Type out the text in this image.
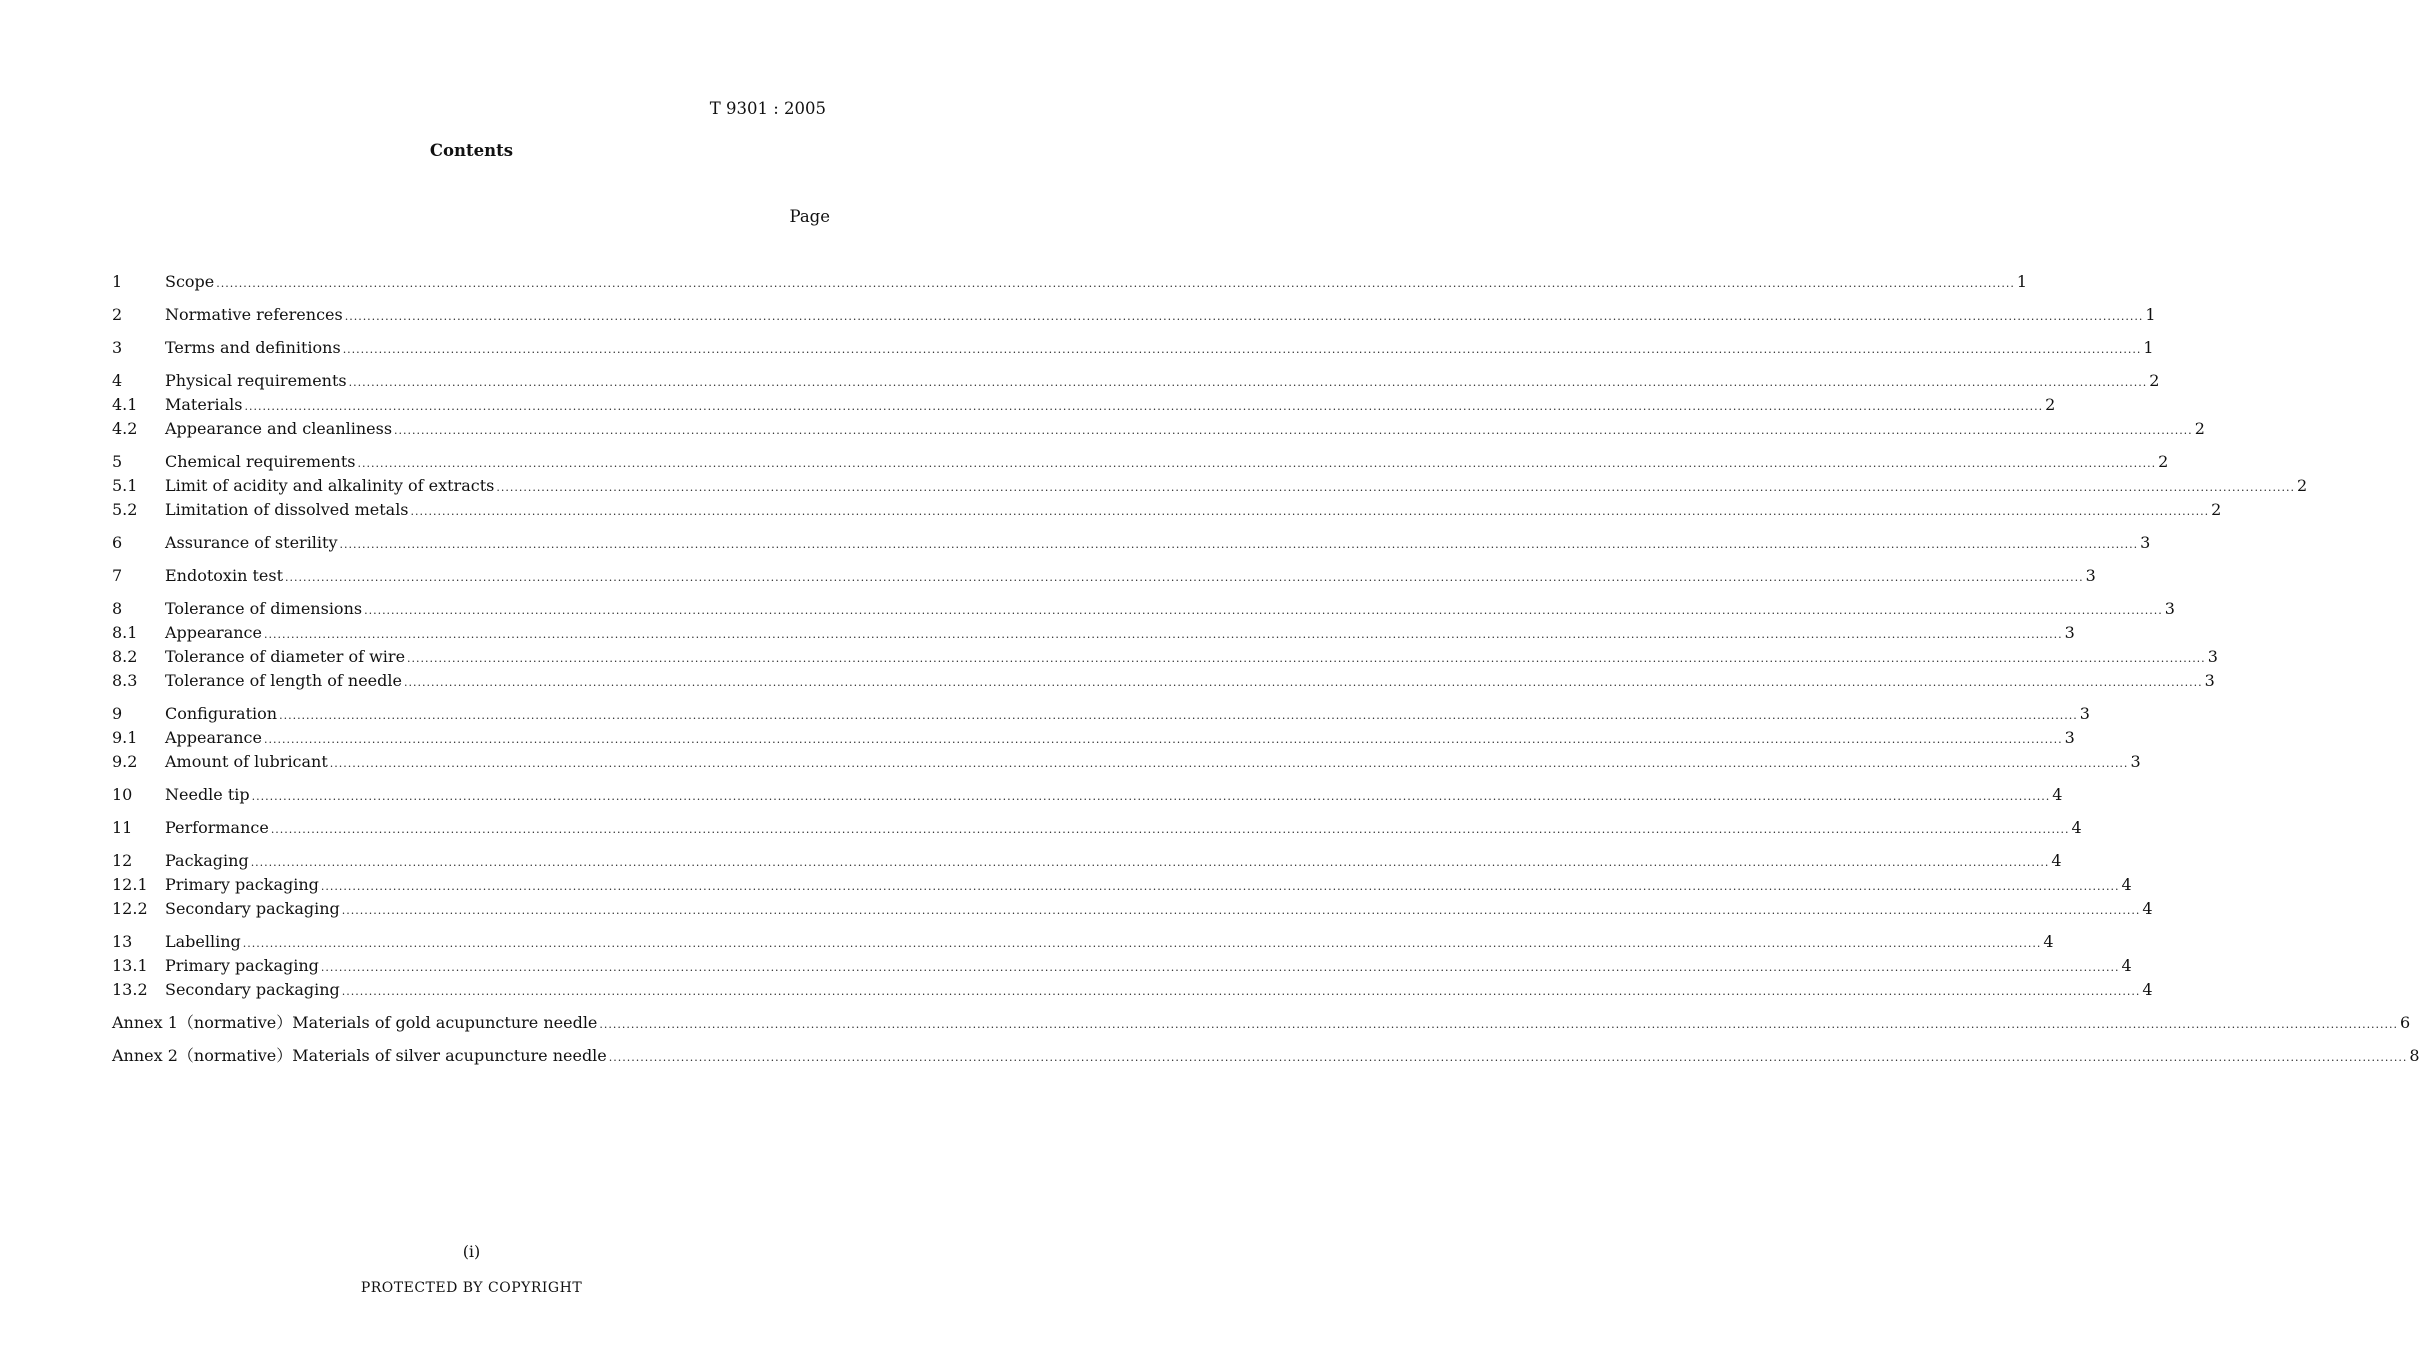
T 9301 : 2005
Contents
Page
1	Scope ................................................................................................................................................................................................................................................................................................................................................................................................................ 1
2	Normative references ................................................................................................................................................................................................................................................................................................................................................................................................................ 1
3	Terms and definitions ................................................................................................................................................................................................................................................................................................................................................................................................................ 1
4	Physical requirements ................................................................................................................................................................................................................................................................................................................................................................................................................ 2
4.1	Materials ................................................................................................................................................................................................................................................................................................................................................................................................................ 2
4.2	Appearance and cleanliness ................................................................................................................................................................................................................................................................................................................................................................................................................ 2
5	Chemical requirements ................................................................................................................................................................................................................................................................................................................................................................................................................ 2
5.1	Limit of acidity and alkalinity of extracts ................................................................................................................................................................................................................................................................................................................................................................................................................ 2
5.2	Limitation of dissolved metals ................................................................................................................................................................................................................................................................................................................................................................................................................ 2
6	Assurance of sterility ................................................................................................................................................................................................................................................................................................................................................................................................................ 3
7	Endotoxin test ................................................................................................................................................................................................................................................................................................................................................................................................................ 3
8	Tolerance of dimensions ................................................................................................................................................................................................................................................................................................................................................................................................................ 3
8.1	Appearance ................................................................................................................................................................................................................................................................................................................................................................................................................ 3
8.2	Tolerance of diameter of wire ................................................................................................................................................................................................................................................................................................................................................................................................................ 3
8.3	Tolerance of length of needle ................................................................................................................................................................................................................................................................................................................................................................................................................ 3
9	Configuration ................................................................................................................................................................................................................................................................................................................................................................................................................ 3
9.1	Appearance ................................................................................................................................................................................................................................................................................................................................................................................................................ 3
9.2	Amount of lubricant ................................................................................................................................................................................................................................................................................................................................................................................................................ 3
10	Needle tip ................................................................................................................................................................................................................................................................................................................................................................................................................ 4
11	Performance ................................................................................................................................................................................................................................................................................................................................................................................................................ 4
12	Packaging ................................................................................................................................................................................................................................................................................................................................................................................................................ 4
12.1	Primary packaging ................................................................................................................................................................................................................................................................................................................................................................................................................ 4
12.2	Secondary packaging ................................................................................................................................................................................................................................................................................................................................................................................................................ 4
13	Labelling ................................................................................................................................................................................................................................................................................................................................................................................................................ 4
13.1	Primary packaging ................................................................................................................................................................................................................................................................................................................................................................................................................ 4
13.2	Secondary packaging ................................................................................................................................................................................................................................................................................................................................................................................................................ 4
Annex 1（normative）Materials of gold acupuncture needle ................................................................................................................................................................................................................................................................................................................................................................................................................ 6
Annex 2（normative）Materials of silver acupuncture needle ................................................................................................................................................................................................................................................................................................................................................................................................................ 8
(i)
PROTECTED BY COPYRIGHT
